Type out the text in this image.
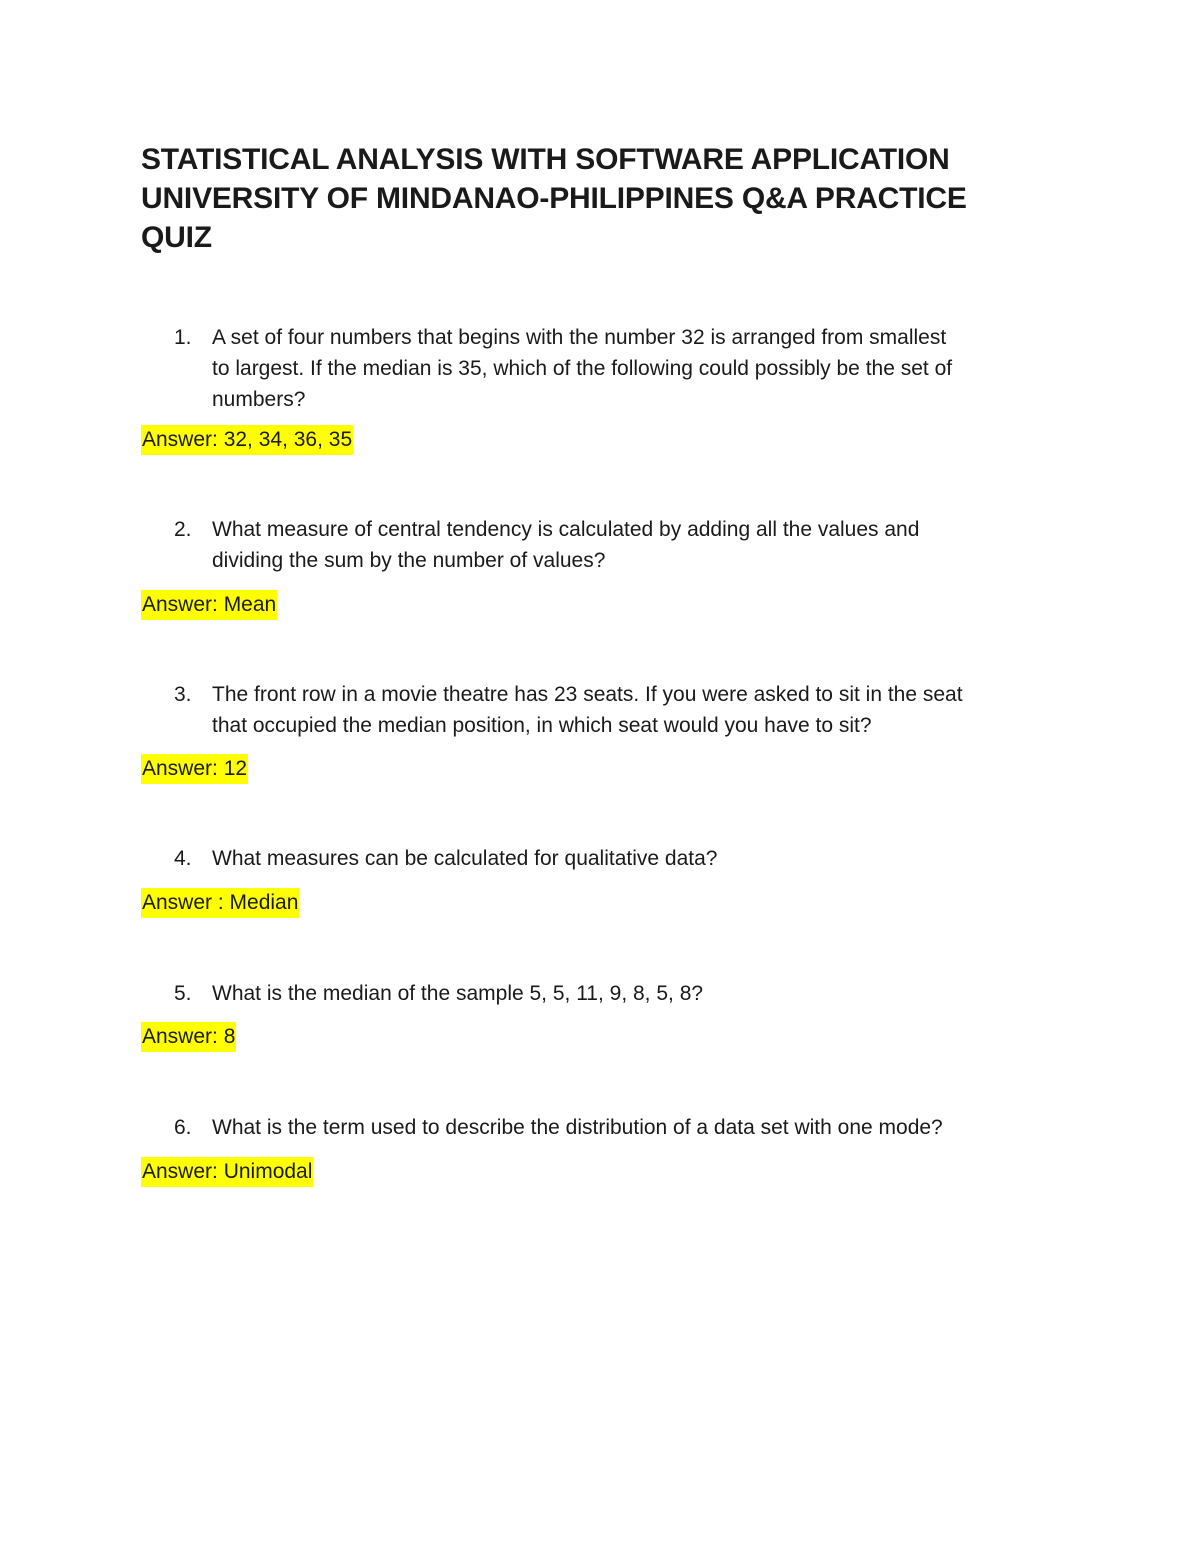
STATISTICAL ANALYSIS WITH SOFTWARE APPLICATION
UNIVERSITY OF MINDANAO-PHILIPPINES Q&A PRACTICE
QUIZ
1. A set of four numbers that begins with the number 32 is arranged from smallest
to largest. If the median is 35, which of the following could possibly be the set of
numbers?
Answer: 32, 34, 36, 35
2. What measure of central tendency is calculated by adding all the values and
dividing the sum by the number of values?
Answer: Mean
3. The front row in a movie theatre has 23 seats. If you were asked to sit in the seat
that occupied the median position, in which seat would you have to sit?
Answer: 12
4. What measures can be calculated for qualitative data?
Answer : Median
5. What is the median of the sample 5, 5, 11, 9, 8, 5, 8?
Answer: 8
6. What is the term used to describe the distribution of a data set with one mode?
Answer: Unimodal
